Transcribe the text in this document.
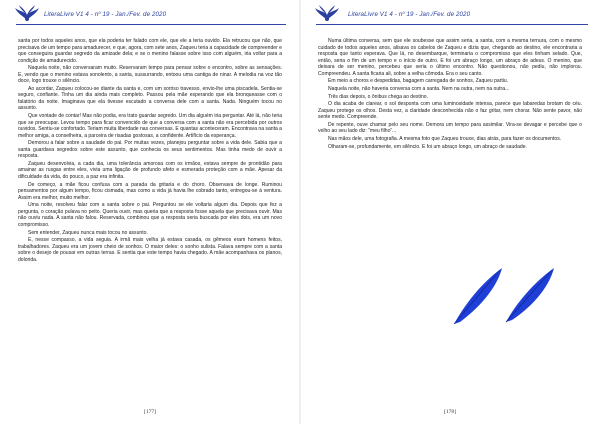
LiteraLivre V1 4 - nº 19 - Jan./Fev. de 2020

santa por todos aqueles anos, que ela poderia ter falado com ele, que ele a teria ouvido. Ela retrucou que não, que precisava de um tempo para amadurecer, e que, agora, com sete anos, Zaqueu teria a capacidade de compreender e que conseguira guardar segredo da amizade dela; e se o menino falasse sobre isso com alguém, iria voltar para a condição de amadurecido.

Naquela noite, não conversaram muito. Reservaram tempo para pensar sobre o encontro, sobre as sensações. E, vendo que o menino estava sonolento, a santa, sussurrando, entoou uma cantiga de ninar. A melodia na voz tão doce, logo trouxe o silêncio.

Ao acordar, Zaqueu colocou-se diante da santa e, com um sorriso travesso, envio-lhe uma piscadela. Sentia-se seguro, confiante. Tinha um dia ainda mais completo. Passou pela mãe esperando que ela bronqueasse com o falatório da noite. Imaginava que ela tivesse escutado a conversa dele com a santa. Nada. Ninguém tocou no assunto.

Que vontade de contar! Mas não podia, era trato guardar segredo. Um dia alguém iria perguntar. Até lá, não teria que se preocupar. Levou tempo para ficar convencido de que a conversa com a santa não era percebida por outros ouvidos. Sentiu-se confortado. Teriam muita liberdade nas conversas. E quantas aconteceram. Encontrava na santa a melhor amiga, a conselheira, a parceira de risadas gostosas, a confidente. Artifício da esperança.

Demorou a falar sobre a saudade do pai. Por muitas vezes, planejou perguntar sobre a vida dele. Sabia que a santa guardava segredos sobre este assunto, que conhecia os seus sentimentos. Mas tinha medo de ouvir a resposta.

Zaqueu desenvolvia, a cada dia, uma tolerância amorosa com os irmãos, estava sempre de prontidão para amainar as rusgas entre eles, vivia uma ligação de profundo afeto e esmerada proteção com a mãe. Apesar da dificuldade da vida, do pouco, a paz era infinita.

De começo, a mãe ficou confusa com a parada da gritaria e do choro. Observava de longe. Ruminou pensamentos por algum tempo, ficou cismada, mas como a vida já havia lhe cobrado tanto, entregou-se à ventura. Assim era melhor, muito melhor.

Uma noite, resolveu falar com a santa sobre o pai. Perguntou se ele voltaria algum dia. Depois que fez a pergunta, o coração pulava no peito. Queria ouvir, mas queria que a resposta fosse aquela que precisava ouvir. Mas não ouviu nada. A santa não falou. Reservada, combinou que a resposta seria buscada por eles dois, era um novo compromisso.

Sem entender, Zaqueu nunca mais tocou no assunto.

E, nesse compasso, a vida seguia. A irmã mais velha já estava casada, os gêmeos eram homens feitos, trabalhadores. Zaqueu era um jovem cheio de sonhos. O maior deles: o sonho sulista. Falava sempre com a santa sobre o desejo de pousar em outras terras. E sentia que este tempo havia chegado. A mãe acompanhava os planos, doloridа.

[177]
LiteraLivre V1 4 - nº 19 - Jan./Fev. de 2020

Numa última conversa, sem que ele soubesse que assim seria, a santa, com a mesma ternura, com o mesmo cuidado de todos aqueles anos, alisava os cabelos de Zaqueu e dizia que, chegando ao destino, ele encontraria a resposta que tanto esperava. Que lá, no desembarque, terminaria o compromisso que eles tinham selado. Que, então, seria o fim de um tempo e o início de outro. E foi um abraço longo, um abraço de adeus. O menino, que deixara de ser menino, percebeu que seria o último encontro. Não questionou, não pediu, não implorou. Compreendeu. A santa ficaria ali, sobre a velha cômoda. Era o seu canto.

Em meio a choros e despedidas, bagagem carregada de sonhos, Zaqueu partiu.

Naquela noite, não haveria conversa com a santa. Nem na outra, nem na outra...

Três dias depois, o ônibus chega ao destino.

O dia acaba de clarear, o sol desponta com uma luminosidade intensa, parece que labaredas brotam do céu. Zaqueu protege os olhos. Desta vez, a claridade desconhecida não o faz gritar, nem chorar. Não sente pavor, não sente medo. Compreende.

De repente, ouve chamar pelo seu nome. Demora um tempo para assimilar. Vira-se devagar e percebe que o velho ao seu lado diz: “meu filho”...

Nas mãos dele, uma fotografia. A mesma foto que Zaqueu trouxe, dias atrás, para fazer os documentos.

Olharam-se, profundamente, em silêncio. E foi um abraço longo, um abraço de saudade.

[178]
